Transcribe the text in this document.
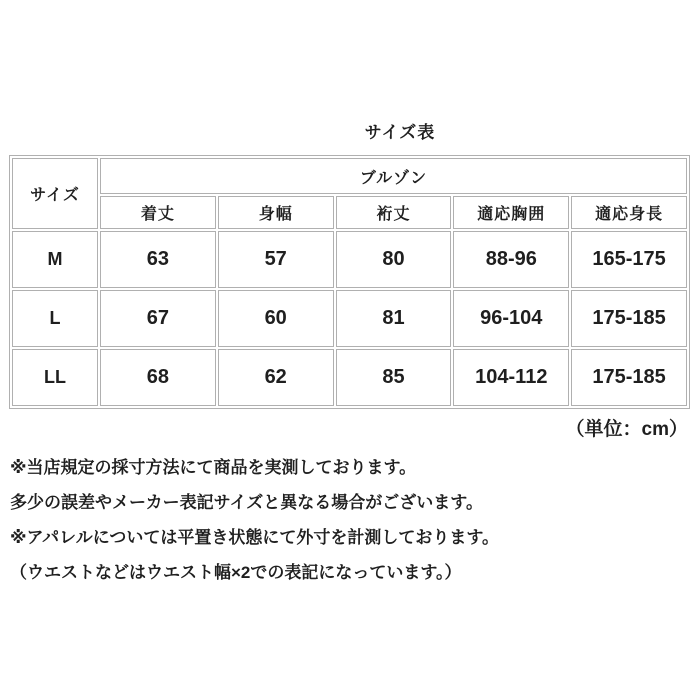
サイズ表
サイズ	ブルゾン				
	着丈	身幅	裄丈	適応胸囲	適応身長
M	63	57	80	88-96	165-175
L	67	60	81	96-104	175-185
LL	68	62	85	104-112	175-185
（単位：cm）
※当店規定の採寸方法にて商品を実測しております。
多少の誤差やメーカー表記サイズと異なる場合がございます。
※アパレルについては平置き状態にて外寸を計測しております。
（ウエストなどはウエスト幅×2での表記になっています。）
